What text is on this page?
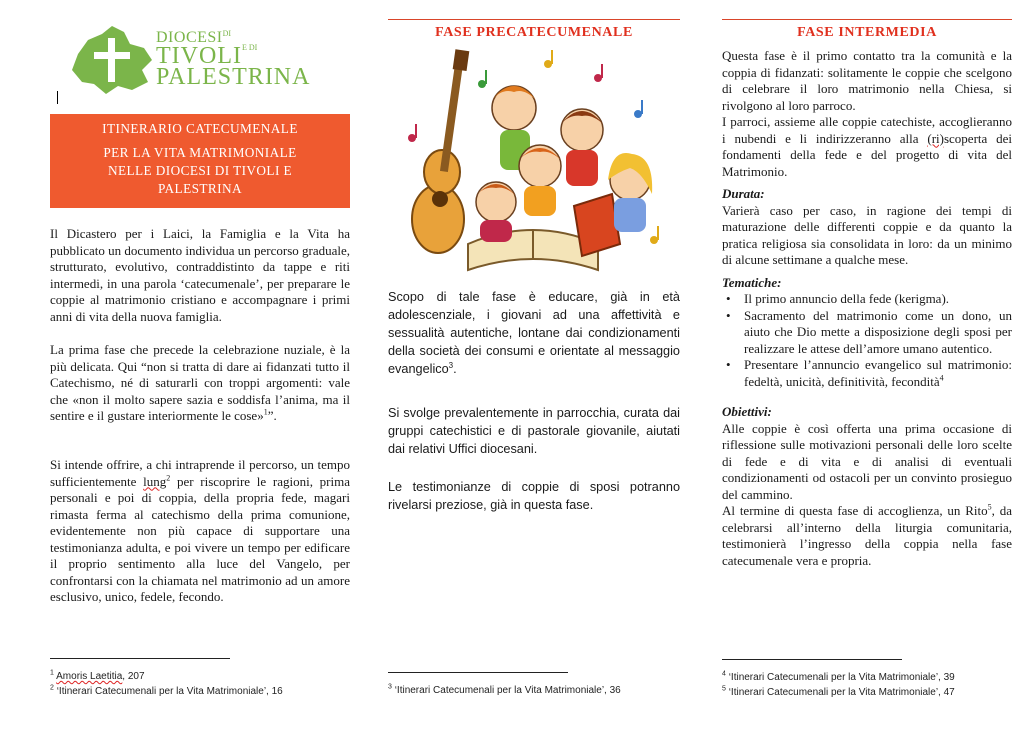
$DIOCESI^{DI}$
$TIVOLI^{E DI}$
PALESTRINA
ITINERARIO CATECUMENALE
PER LA VITA MATRIMONIALE
NELLE DIOCESI DI TIVOLI E
PALESTRINA

Il Dicastero per i Laici, la Famiglia e la Vita ha pubblicato un documento individua un percorso graduale, strutturato, evolutivo, contraddistinto da tappe e riti intermedi, in una parola ‘catecumenale’, per preparare le coppie al matrimonio cristiano e accompagnare i primi anni di vita della nuova famiglia.

La prima fase che precede la celebrazione nuziale, è la più delicata. Qui “non si tratta di dare ai fidanzati tutto il Catechismo, né di saturarli con troppi argomenti: vale che «non il molto sapere sazia e soddisfa l’anima, ma il sentire e il gustare interiormente le cose»$^1$”.

Si intende offrire, a chi intraprende il percorso, un tempo sufficientemente lung$^2$ per riscoprire le ragioni, prima personali e poi di coppia, della propria fede, magari rimasta ferma al catechismo della prima comunione, evidentemente non più capace di supportare una testimonianza adulta, e poi vivere un tempo per edificare il proprio sentimento alla luce del Vangelo, per confrontarsi con la chiamata nel matrimonio ad un amore esclusivo, unico, fedele, fecondo.

$^1$ Amoris Laetitia, 207
$^2$ ‘Itinerari Catecumenali per la Vita Matrimoniale’, 16
FASE PRECATECUMENALE

Scopo di tale fase è educare, già in età adolescenziale, i giovani ad una affettività e sessualità autentiche, lontane dai condizionamenti della società dei consumi e orientate al messaggio evangelico$^3$.

Si svolge prevalentemente in parrocchia, curata dai gruppi catechistici e di pastorale giovanile, aiutati dai relativi Uffici diocesani.

Le testimonianze di coppie di sposi potranno rivelarsi preziose, già in questa fase.

$^3$ ‘Itinerari Catecumenali per la Vita Matrimoniale’, 36
FASE INTERMEDIA

Questa fase è il primo contatto tra la comunità e la coppia di fidanzati: solitamente le coppie che scelgono di celebrare il loro matrimonio nella Chiesa, si rivolgono al loro parroco.

I parroci, assieme alle coppie catechiste, accoglieranno i nubendi e li indirizzeranno alla (ri)scoperta dei fondamenti della fede e del progetto di vita del Matrimonio.

Durata:

Varierà caso per caso, in ragione dei tempi di maturazione delle differenti coppie e da quanto la pratica religiosa sia consolidata in loro: da un minimo di alcune settimane a qualche mese.

Tematiche:

• Il primo annuncio della fede (kerigma).
• Sacramento del matrimonio come un dono, un aiuto che Dio mette a disposizione degli sposi per realizzare le attese dell’amore umano autentico.
• Presentare l’annuncio evangelico sul matrimonio: fedeltà, unicità, definitività, fecondità$^4$

Obiettivi:

Alle coppie è così offerta una prima occasione di riflessione sulle motivazioni personali delle loro scelte di fede e di vita e di analisi di eventuali condizionamenti od ostacoli per un convinto prosieguo del cammino.

Al termine di questa fase di accoglienza, un Rito$^5$, da celebrarsi all’interno della liturgia comunitaria, testimonierà l’ingresso della coppia nella fase catecumenale vera e propria.

$^4$ ‘Itinerari Catecumenali per la Vita Matrimoniale’, 39
$^5$ ‘Itinerari Catecumenali per la Vita Matrimoniale’, 47
